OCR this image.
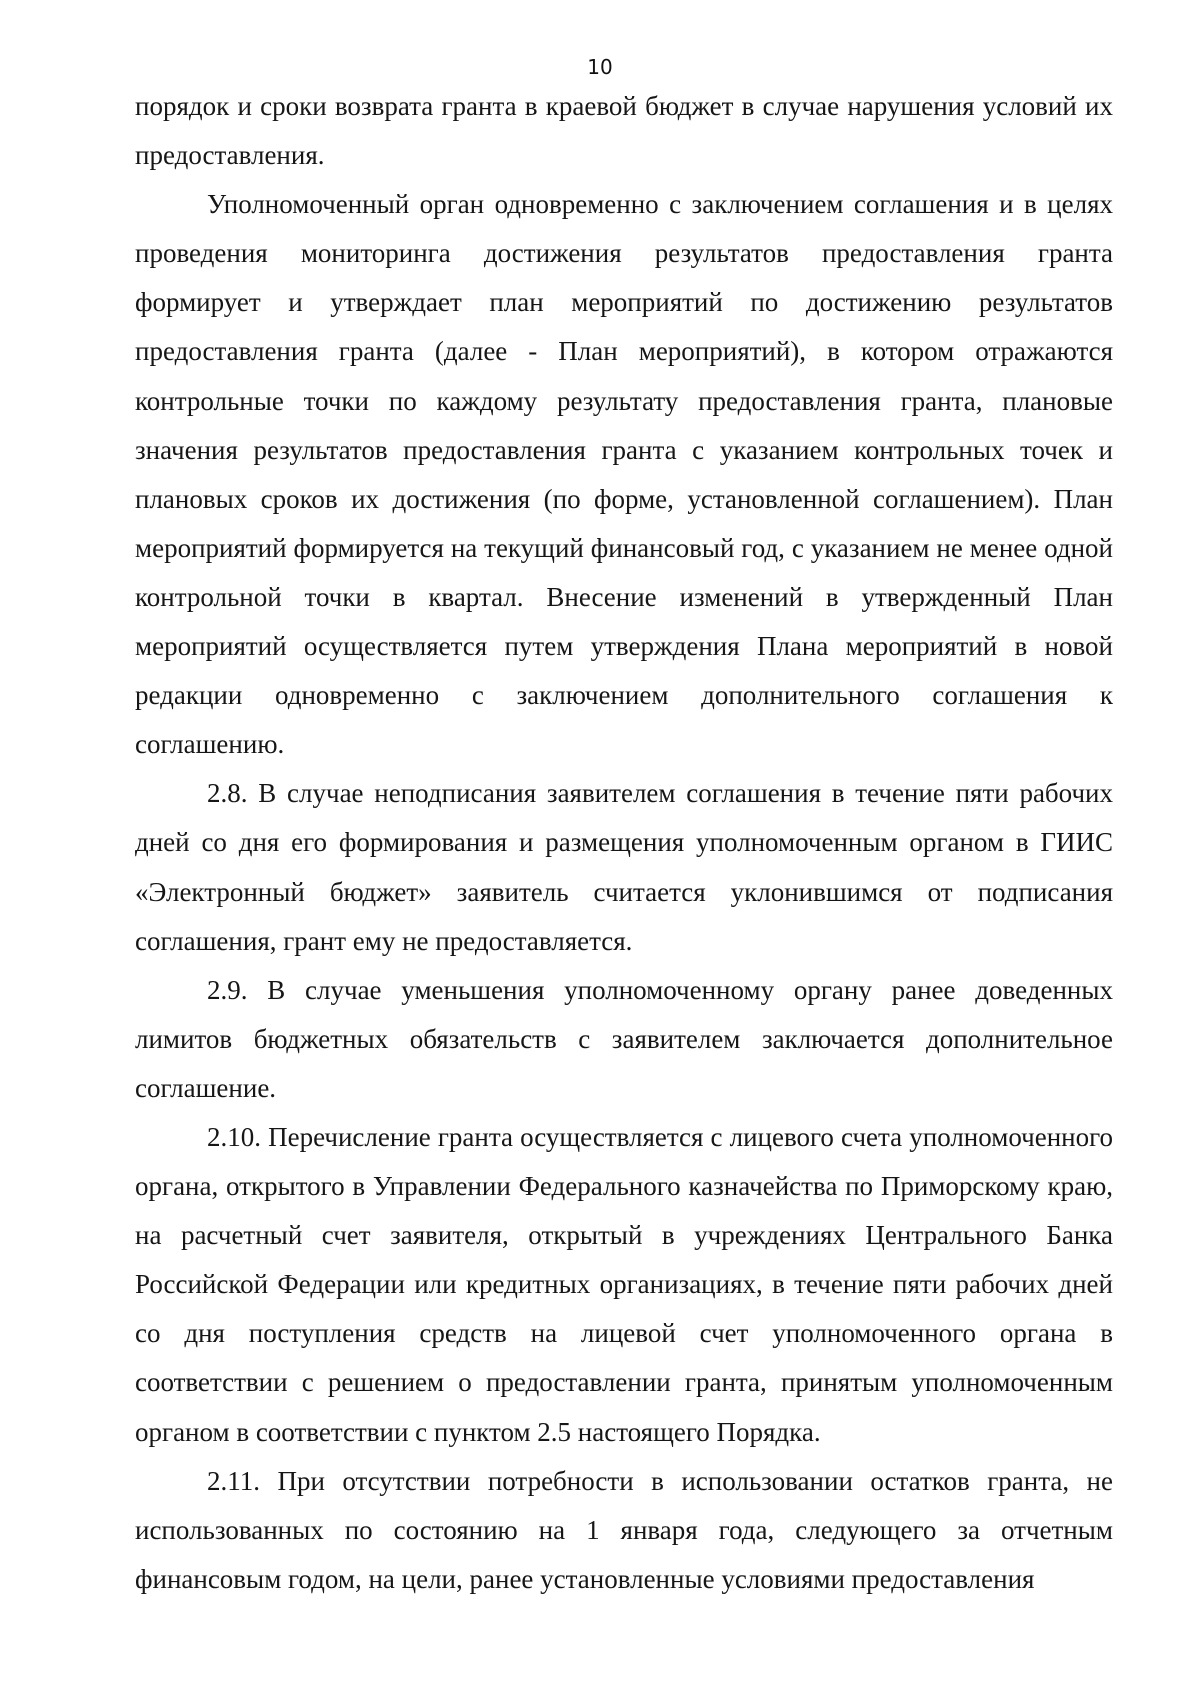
10

порядок и сроки возврата гранта в краевой бюджет в случае нарушения условий их предоставления.

Уполномоченный орган одновременно с заключением соглашения и в целях проведения мониторинга достижения результатов предоставления гранта формирует и утверждает план мероприятий по достижению результатов предоставления гранта (далее - План мероприятий), в котором отражаются контрольные точки по каждому результату предоставления гранта, плановые значения результатов предоставления гранта с указанием контрольных точек и плановых сроков их достижения (по форме, установленной соглашением). План мероприятий формируется на текущий финансовый год, с указанием не менее одной контрольной точки в квартал. Внесение изменений в утвержденный План мероприятий осуществляется путем утверждения Плана мероприятий в новой редакции одновременно с заключением дополнительного соглашения к соглашению.

2.8. В случае неподписания заявителем соглашения в течение пяти рабочих дней со дня его формирования и размещения уполномоченным органом в ГИИС «Электронный бюджет» заявитель считается уклонившимся от подписания соглашения, грант ему не предоставляется.

2.9. В случае уменьшения уполномоченному органу ранее доведенных лимитов бюджетных обязательств с заявителем заключается дополнительное соглашение.

2.10. Перечисление гранта осуществляется с лицевого счета уполномоченного органа, открытого в Управлении Федерального казначейства по Приморскому краю, на расчетный счет заявителя, открытый в учреждениях Центрального Банка Российской Федерации или кредитных организациях, в течение пяти рабочих дней со дня поступления средств на лицевой счет уполномоченного органа в соответствии с решением о предоставлении гранта, принятым уполномоченным органом в соответствии с пунктом 2.5 настоящего Порядка.

2.11. При отсутствии потребности в использовании остатков гранта, не использованных по состоянию на 1 января года, следующего за отчетным финансовым годом, на цели, ранее установленные условиями предоставления
